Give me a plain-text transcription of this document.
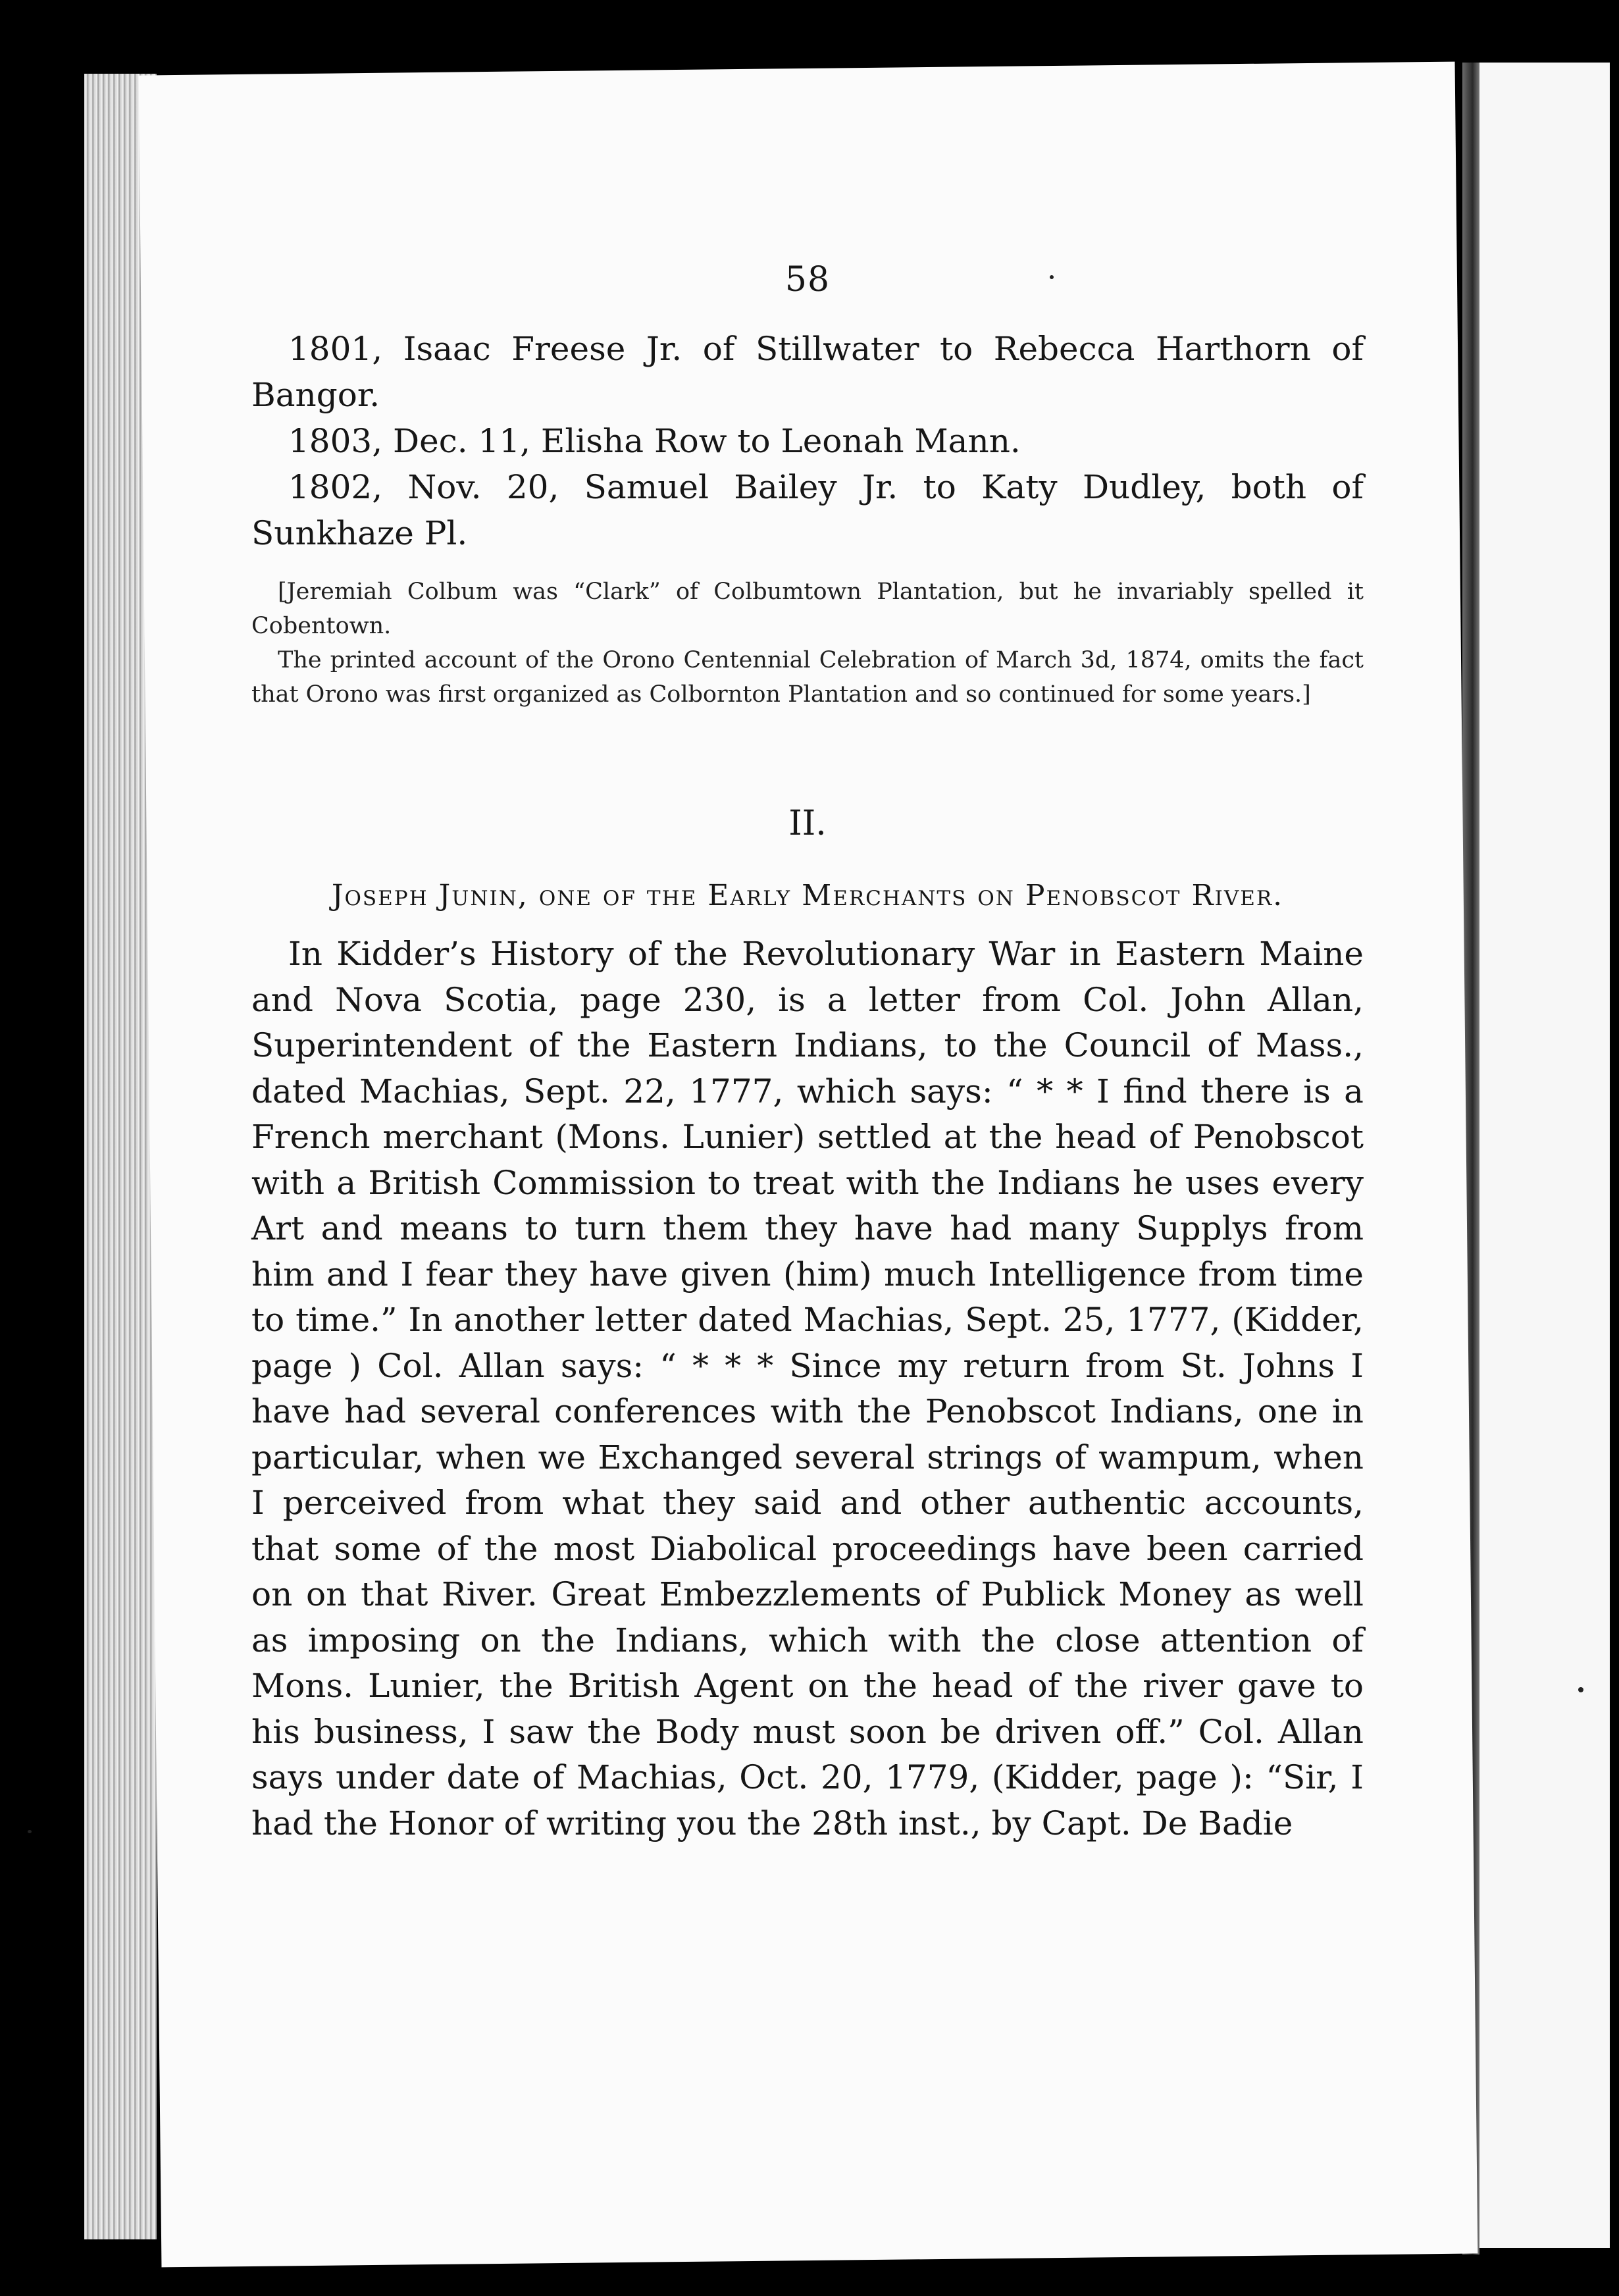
58

1801, Isaac Freese Jr. of Stillwater to Rebecca Harthorn of Bangor.

1803, Dec. 11, Elisha Row to Leonah Mann.

1802, Nov. 20, Samuel Bailey Jr. to Katy Dudley, both of Sunkhaze Pl.

[Jeremiah Colbum was “Clark” of Colbumtown Plantation, but he invariably spelled it Cobentown.

The printed account of the Orono Centennial Celebration of March 3d, 1874, omits the fact that Orono was first organized as Colbornton Plantation and so continued for some years.]

II.
Joseph Junin, one of the Early Merchants on Penobscot River.

In Kidder’s History of the Revolutionary War in Eastern Maine and Nova Scotia, page 230, is a letter from Col. John Allan, Superintendent of the Eastern Indians, to the Council of Mass., dated Machias, Sept. 22, 1777, which says: “ * * I find there is a French merchant (Mons. Lunier) settled at the head of Penobscot with a British Commission to treat with the Indians he uses every Art and means to turn them they have had many Supplys from him and I fear they have given (him) much Intelligence from time to time.” In another letter dated Machias, Sept. 25, 1777, (Kidder, page ) Col. Allan says: “ * * * Since my return from St. Johns I have had several conferences with the Penobscot Indians, one in particular, when we Exchanged several strings of wampum, when I perceived from what they said and other authentic accounts, that some of the most Diabolical proceedings have been carried on on that River. Great Embezzlements of Publick Money as well as imposing on the Indians, which with the close attention of Mons. Lunier, the British Agent on the head of the river gave to his business, I saw the Body must soon be driven off.” Col. Allan says under date of Machias, Oct. 20, 1779, (Kidder, page ): “Sir, I had the Honor of writing you the 28th inst., by Capt. De Badie
